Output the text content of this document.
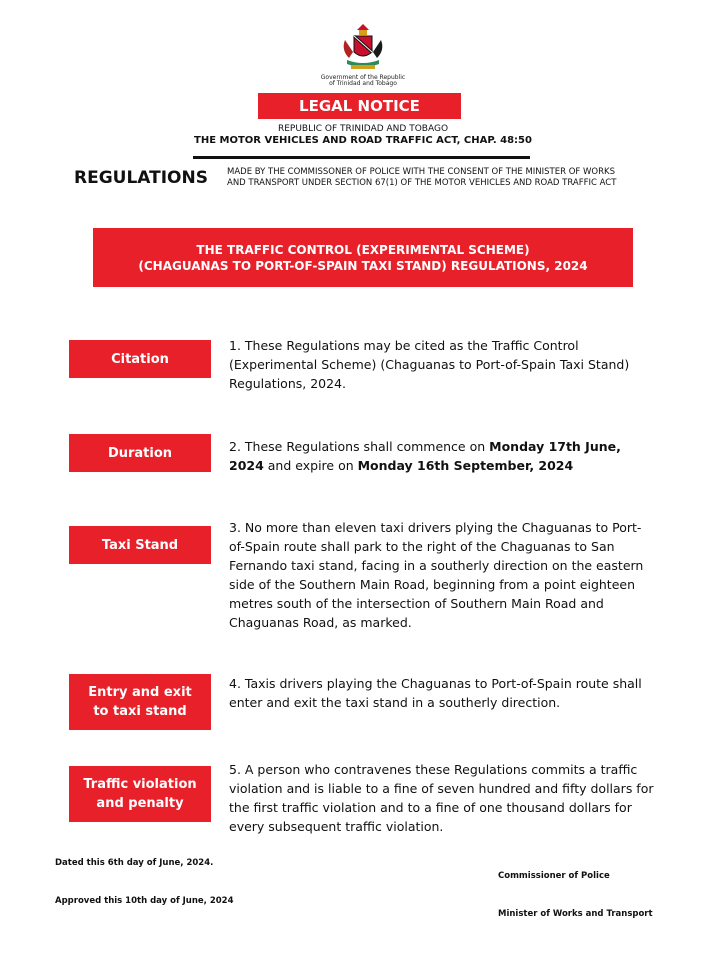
Government of the Republic
of Trinidad and Tobago
LEGAL NOTICE
REPUBLIC OF TRINIDAD AND TOBAGO
THE MOTOR VEHICLES AND ROAD TRAFFIC ACT, CHAP. 48:50
REGULATIONS MADE BY THE COMMISSONER OF POLICE WITH THE CONSENT OF THE MINISTER OF WORKS
AND TRANSPORT UNDER SECTION 67(1) OF THE MOTOR VEHICLES AND ROAD TRAFFIC ACT
THE TRAFFIC CONTROL (EXPERIMENTAL SCHEME)
(CHAGUANAS TO PORT-OF-SPAIN TAXI STAND) REGULATIONS, 2024
Citation
1. These Regulations may be cited as the Traffic Control (Experimental Scheme) (Chaguanas to Port-of-Spain Taxi Stand) Regulations, 2024.
Duration	2. These Regulations shall commence on Monday 17th June, 2024 and expire on Monday 16th September, 2024
Taxi Stand
3. No more than eleven taxi drivers plying the Chaguanas to Port-of-Spain route shall park to the right of the Chaguanas to San Fernando taxi stand, facing in a southerly direction on the eastern side of the Southern Main Road, beginning from a point eighteen metres south of the intersection of Southern Main Road and Chaguanas Road, as marked.
Entry and exit
to taxi stand
4. Taxis drivers playing the Chaguanas to Port-of-Spain route shall enter and exit the taxi stand in a southerly direction.
Traffic violation
and penalty
5. A person who contravenes these Regulations commits a traffic violation and is liable to a fine of seven hundred and fifty dollars for the first traffic violation and to a fine of one thousand dollars for every subsequent traffic violation.
Dated this 6th day of June, 2024.
Approved this 10th day of June, 2024
Commissioner of Police
Minister of Works and Transport
